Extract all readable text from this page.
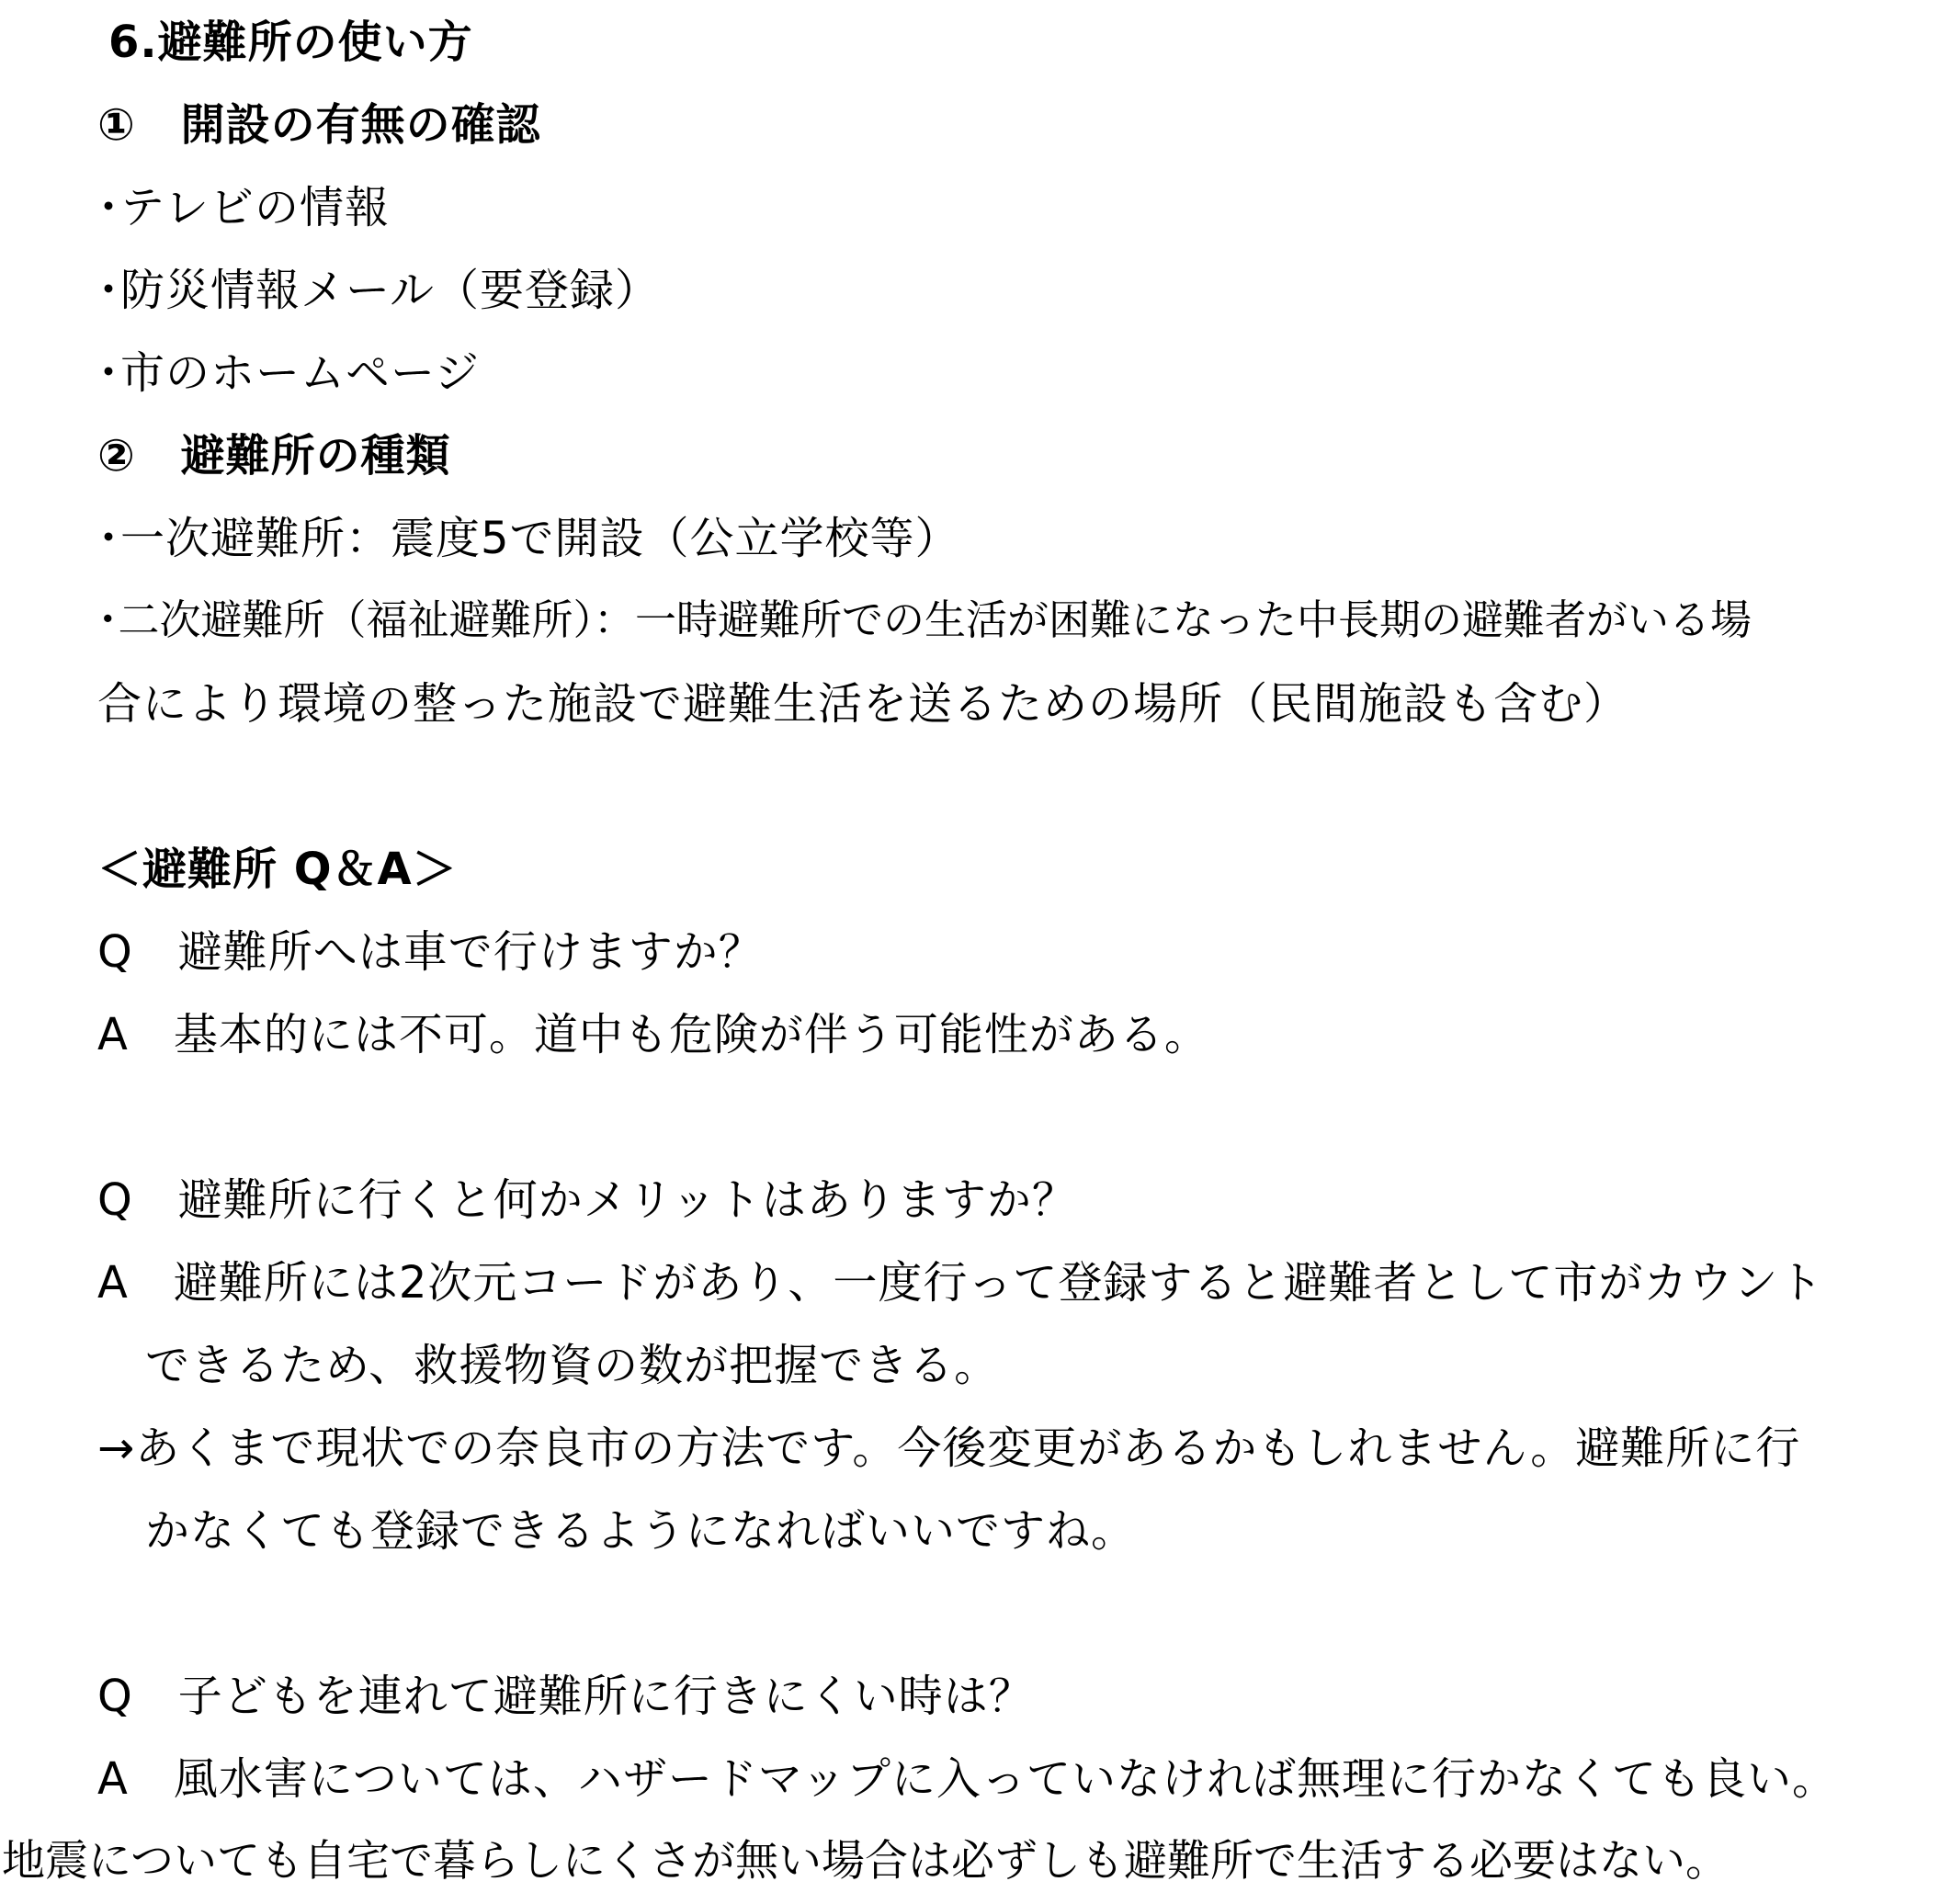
6.避難所の使い方
①　開設の有無の確認
･テレビの情報
･防災情報メール（要登録）
･市のホームページ
②　避難所の種類
･一次避難所：震度5で開設（公立学校等）
･二次避難所（福祉避難所）：一時避難所での生活が困難になった中長期の避難者がいる場
合により環境の整った施設で避難生活を送るための場所（民間施設も含む）
＜避難所 Q＆A＞
Q　避難所へは車で行けますか？
A　基本的には不可。道中も危険が伴う可能性がある。
Q　避難所に行くと何かメリットはありますか？
A　避難所には2次元コードがあり、一度行って登録すると避難者として市がカウント
できるため、救援物資の数が把握できる。
→あくまで現状での奈良市の方法です。今後変更があるかもしれません。避難所に行
かなくても登録できるようになればいいですね。
Q　子どもを連れて避難所に行きにくい時は？
A　風水害については、ハザードマップに入っていなければ無理に行かなくても良い。
地震についても自宅で暮らしにくさが無い場合は必ずしも避難所で生活する必要はない。
